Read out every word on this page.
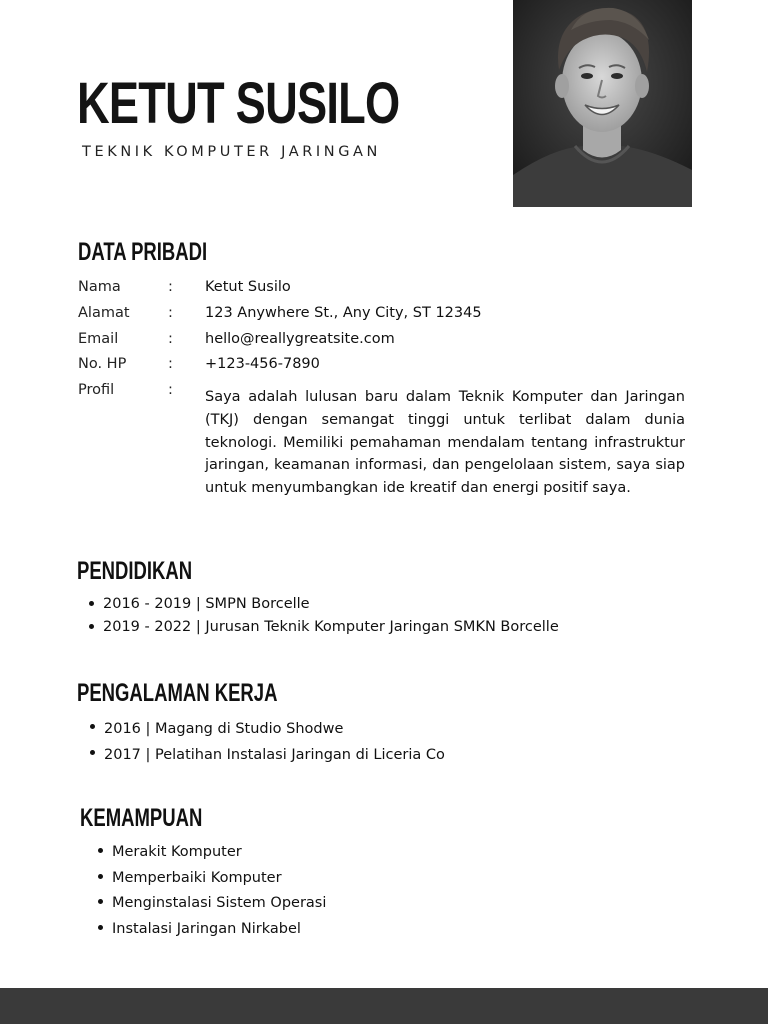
KETUT SUSILO
TEKNIK KOMPUTER JARINGAN
DATA PRIBADI
Nama	: Ketut Susilo
Alamat	: 123 Anywhere St., Any City, ST 12345
Email	: hello@reallygreatsite.com
No. HP	: +123-456-7890
Profil	: Saya adalah lulusan baru dalam Teknik Komputer dan Jaringan (TKJ) dengan semangat tinggi untuk terlibat dalam dunia teknologi. Memiliki pemahaman mendalam tentang infrastruktur jaringan, keamanan informasi, dan pengelolaan sistem, saya siap untuk menyumbangkan ide kreatif dan energi positif saya.

PENDIDIKAN
2016 - 2019 | SMPN Borcelle
2019 - 2022 | Jurusan Teknik Komputer Jaringan SMKN Borcelle
PENGALAMAN KERJA
2016 | Magang di Studio Shodwe
2017 | Pelatihan Instalasi Jaringan di Liceria Co
KEMAMPUAN
Merakit Komputer
Memperbaiki Komputer
Menginstalasi Sistem Operasi
Instalasi Jaringan Nirkabel
